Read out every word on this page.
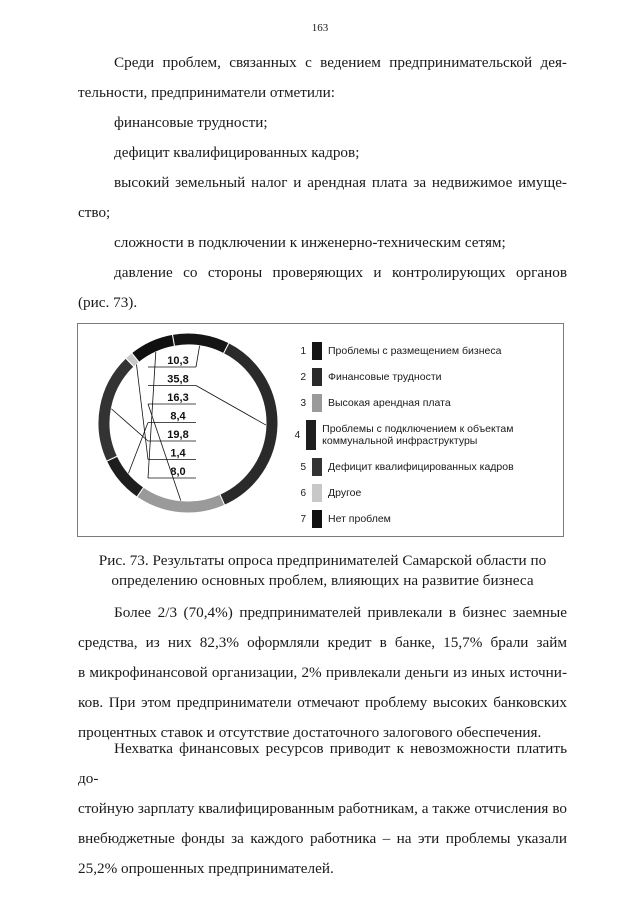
163
Среди проблем, связанных с ведением предпринимательской дея-
тельности, предприниматели отметили:
финансовые трудности;
дефицит квалифицированных кадров;
высокий земельный налог и арендная плата за недвижимое имуще-
ство;
сложности в подключении к инженерно-техническим сетям;
давление со стороны проверяющих и контролирующих органов
(рис. 73).
10,3
35,8
16,3
8,4
19,8
1,4
8,0
1 Проблемы с размещением бизнеса
2 Финансовые трудности
3 Высокая арендная плата
4 Проблемы с подключением к объектам коммунальной инфраструктуры
5 Дефицит квалифицированных кадров
6 Другое
7 Нет проблем
Рис. 73. Результаты опроса предпринимателей Самарской области по
определению основных проблем, влияющих на развитие бизнеса
Более 2/3 (70,4%) предпринимателей привлекали в бизнес заемные
средства, из них 82,3% оформляли кредит в банке, 15,7% брали займ
в микрофинансовой организации, 2% привлекали деньги из иных источни-
ков. При этом предприниматели отмечают проблему высоких банковских
процентных ставок и отсутствие достаточного залогового обеспечения.
Нехватка финансовых ресурсов приводит к невозможности платить до-
стойную зарплату квалифицированным работникам, а также отчисления во
внебюджетные фонды за каждого работника – на эти проблемы указали
25,2% опрошенных предпринимателей.
